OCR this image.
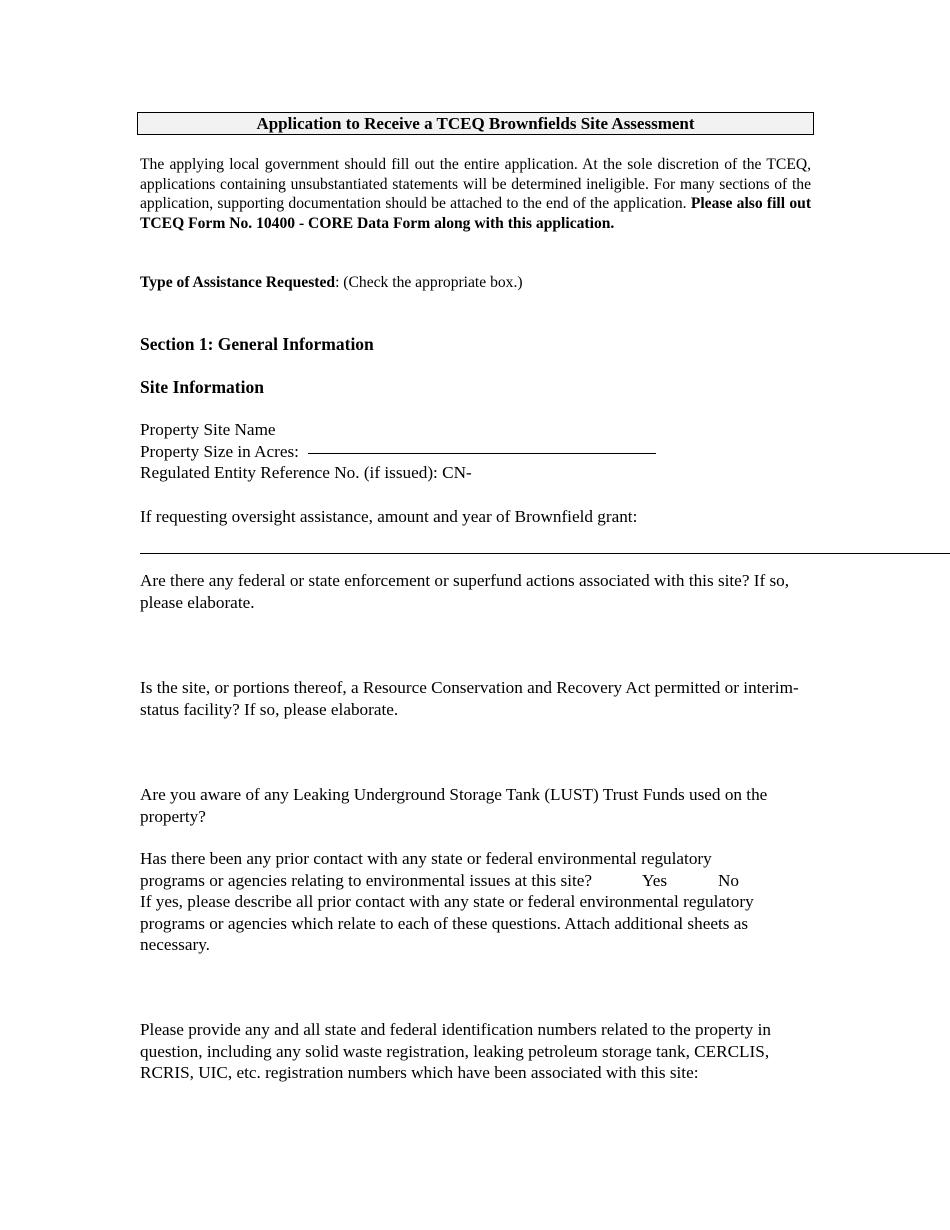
Application to Receive a TCEQ Brownfields Site Assessment
The applying local government should fill out the entire application. At the sole discretion of the TCEQ, applications containing unsubstantiated statements will be determined ineligible. For many sections of the application, supporting documentation should be attached to the end of the application. Please also fill out TCEQ Form No. 10400 - CORE Data Form along with this application.
Type of Assistance Requested: (Check the appropriate box.)
Section 1: General Information
Site Information
Property Site Name
Property Size in Acres:
Regulated Entity Reference No. (if issued): CN-
If requesting oversight assistance, amount and year of Brownfield grant:
Are there any federal or state enforcement or superfund actions associated with this site? If so, please elaborate.
Is the site, or portions thereof, a Resource Conservation and Recovery Act permitted or interim-status facility? If so, please elaborate.
Are you aware of any Leaking Underground Storage Tank (LUST) Trust Funds used on the property?
Has there been any prior contact with any state or federal environmental regulatory programs or agencies relating to environmental issues at this site?	Yes	No
If yes, please describe all prior contact with any state or federal environmental regulatory programs or agencies which relate to each of these questions. Attach additional sheets as necessary.
Please provide any and all state and federal identification numbers related to the property in question, including any solid waste registration, leaking petroleum storage tank, CERCLIS, RCRIS, UIC, etc. registration numbers which have been associated with this site:
